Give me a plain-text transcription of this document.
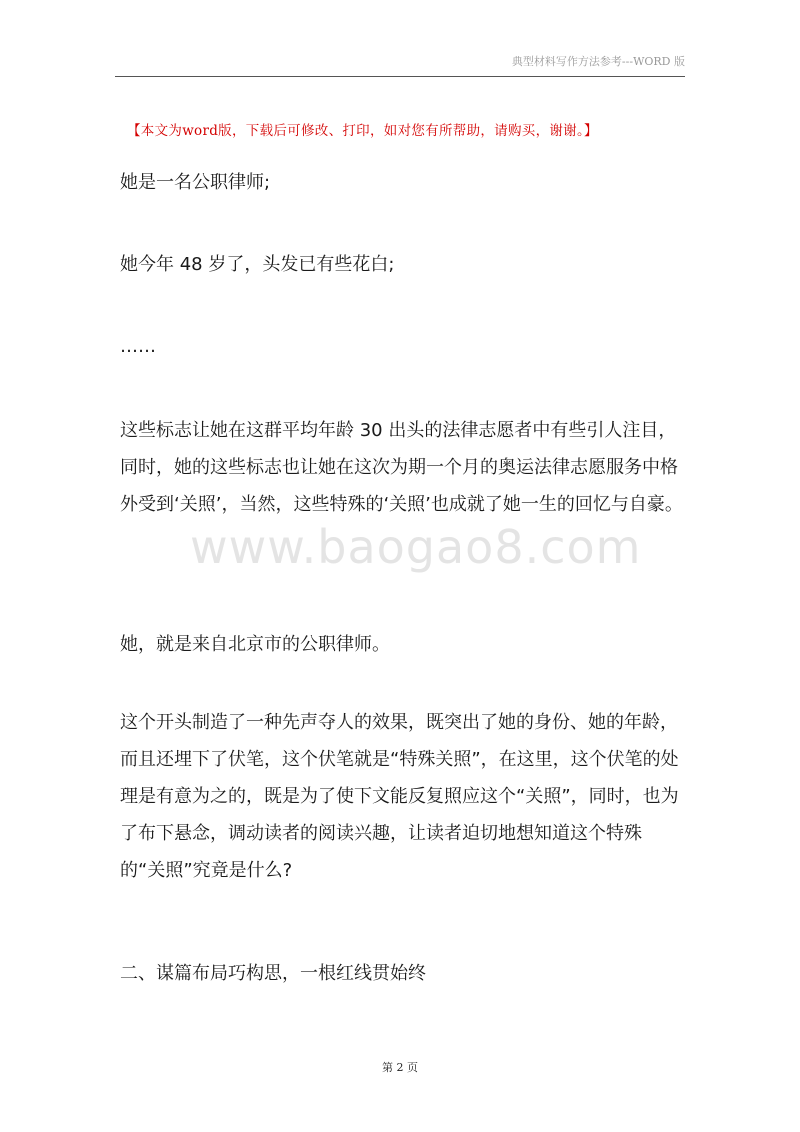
典型材料写作方法参考---WORD 版
www.baogao8.com
【本文为word版，下载后可修改、打印，如对您有所帮助，请购买，谢谢。】

她是一名公职律师;

她今年 48 岁了，头发已有些花白;

……

这些标志让她在这群平均年龄 30 出头的法律志愿者中有些引人注目，同时，她的这些标志也让她在这次为期一个月的奥运法律志愿服务中格外受到‘关照’，当然，这些特殊的‘关照’也成就了她一生的回忆与自豪。

她，就是来自北京市的公职律师。

这个开头制造了一种先声夺人的效果，既突出了她的身份、她的年龄，而且还埋下了伏笔，这个伏笔就是“特殊关照”，在这里，这个伏笔的处理是有意为之的，既是为了使下文能反复照应这个“关照”，同时，也为了布下悬念，调动读者的阅读兴趣，让读者迫切地想知道这个特殊的“关照”究竟是什么?

二、谋篇布局巧构思，一根红线贯始终

第 2 页
